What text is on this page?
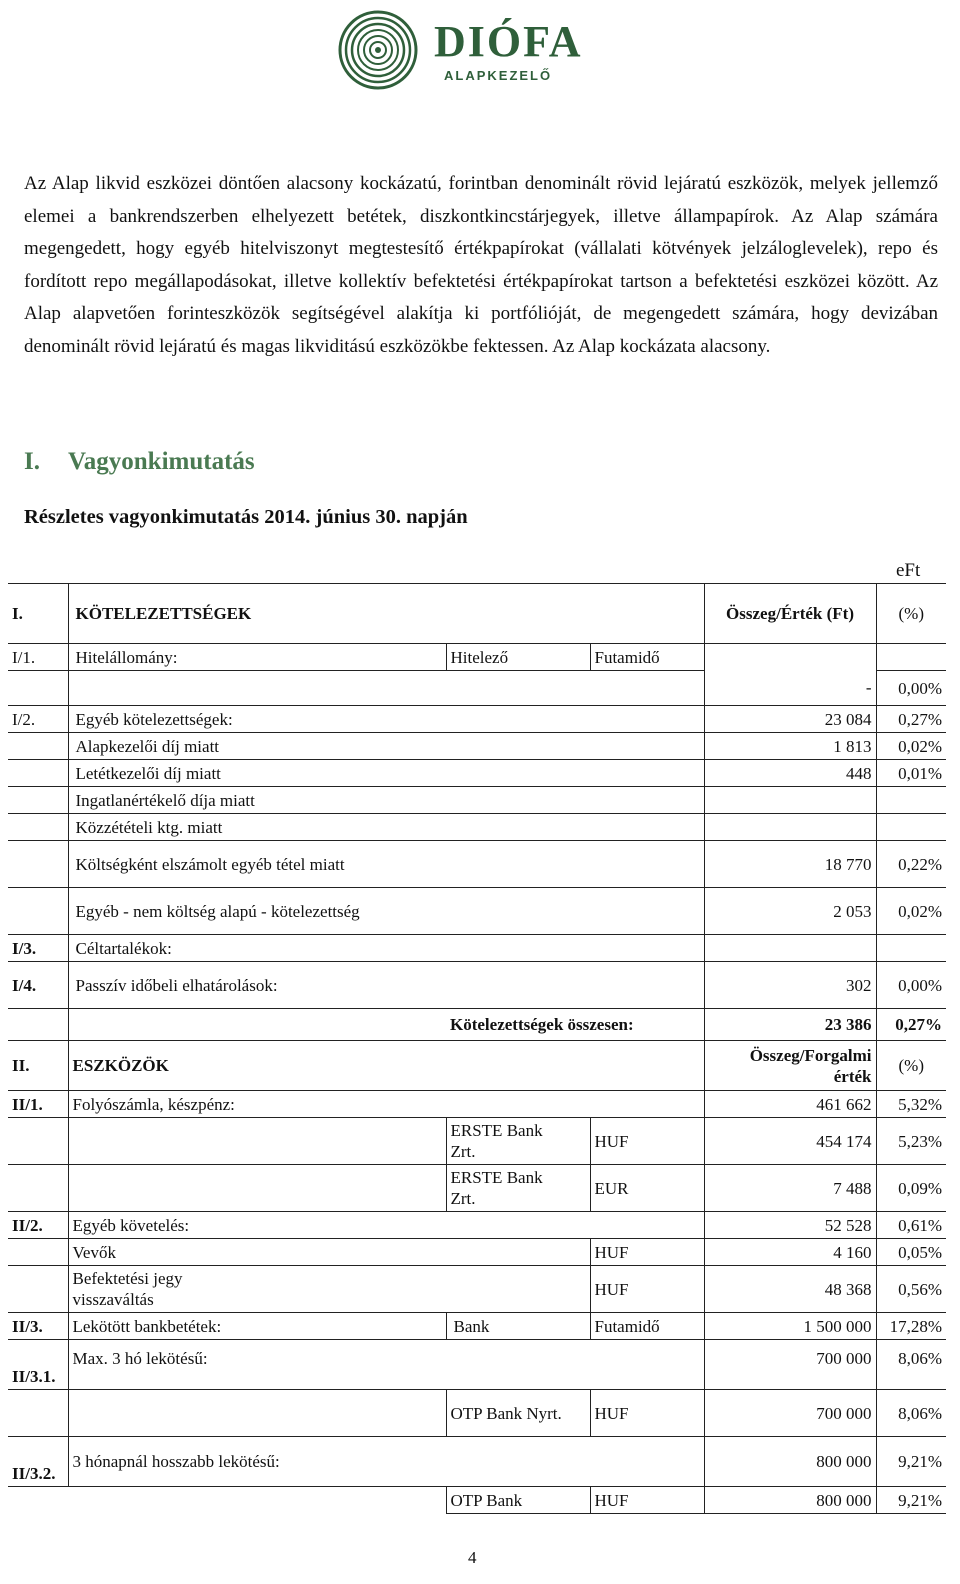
DIÓFA
ALAPKEZELŐ

Az Alap likvid eszközei döntően alacsony kockázatú, forintban denominált rövid lejáratú eszközök, melyek jellemző elemei a bankrendszerben elhelyezett betétek, diszkontkincstárjegyek, illetve állampapírok. Az Alap számára megengedett, hogy egyéb hitelviszonyt megtestesítő értékpapírokat (vállalati kötvények jelzáloglevelek), repo és fordított repo megállapodásokat, illetve kollektív befektetési értékpapírokat tartson a befektetési eszközei között. Az Alap alapvetően forinteszközök segítségével alakítja ki portfólióját, de megengedett számára, hogy devizában denominált rövid lejáratú és magas likviditású eszközökbe fektessen. Az Alap kockázata alacsony.

I. Vagyonkimutatás
Részletes vagyonkimutatás 2014. június 30. napján
eFt
I.	KÖTELEZETTSÉGEK			Összeg/Érték (Ft)	(%)
I/1.	Hitelállomány:	Hitelező	Futamidő		
				-	0,00%
I/2.	Egyéb kötelezettségek:			23 084	0,27%
	Alapkezelői díj miatt			1 813	0,02%
	Letétkezelői díj miatt			448	0,01%
	Ingatlanértékelő díja miatt				
	Közzétételi ktg. miatt				
	Költségként elszámolt egyéb tétel miatt			18 770	0,22%
	Egyéb - nem költség alapú - kötelezettség			2 053	0,02%
I/3.	Céltartalékok:				
I/4.	Passzív időbeli elhatárolások:			302	0,00%
		Kötelezettségek összesen:		23 386	0,27%
II.	ESZKÖZÖK			Összeg/Forgalmi érték	(%)
II/1.	Folyószámla, készpénz:			461 662	5,32%
		ERSTE Bank Zrt.	HUF	454 174	5,23%
		ERSTE Bank Zrt.	EUR	7 488	0,09%
II/2.	Egyéb követelés:			52 528	0,61%
	Vevők		HUF	4 160	0,05%
	Befektetési jegy visszaváltás		HUF	48 368	0,56%
II/3.	Lekötött bankbetétek:	Bank	Futamidő	1 500 000	17,28%
II/3.1.	Max. 3 hó lekötésű:			700 000	8,06%
		OTP Bank Nyrt.	HUF	700 000	8,06%
II/3.2.	3 hónapnál hosszabb lekötésű:			800 000	9,21%
		OTP Bank	HUF	800 000	9,21%
4
